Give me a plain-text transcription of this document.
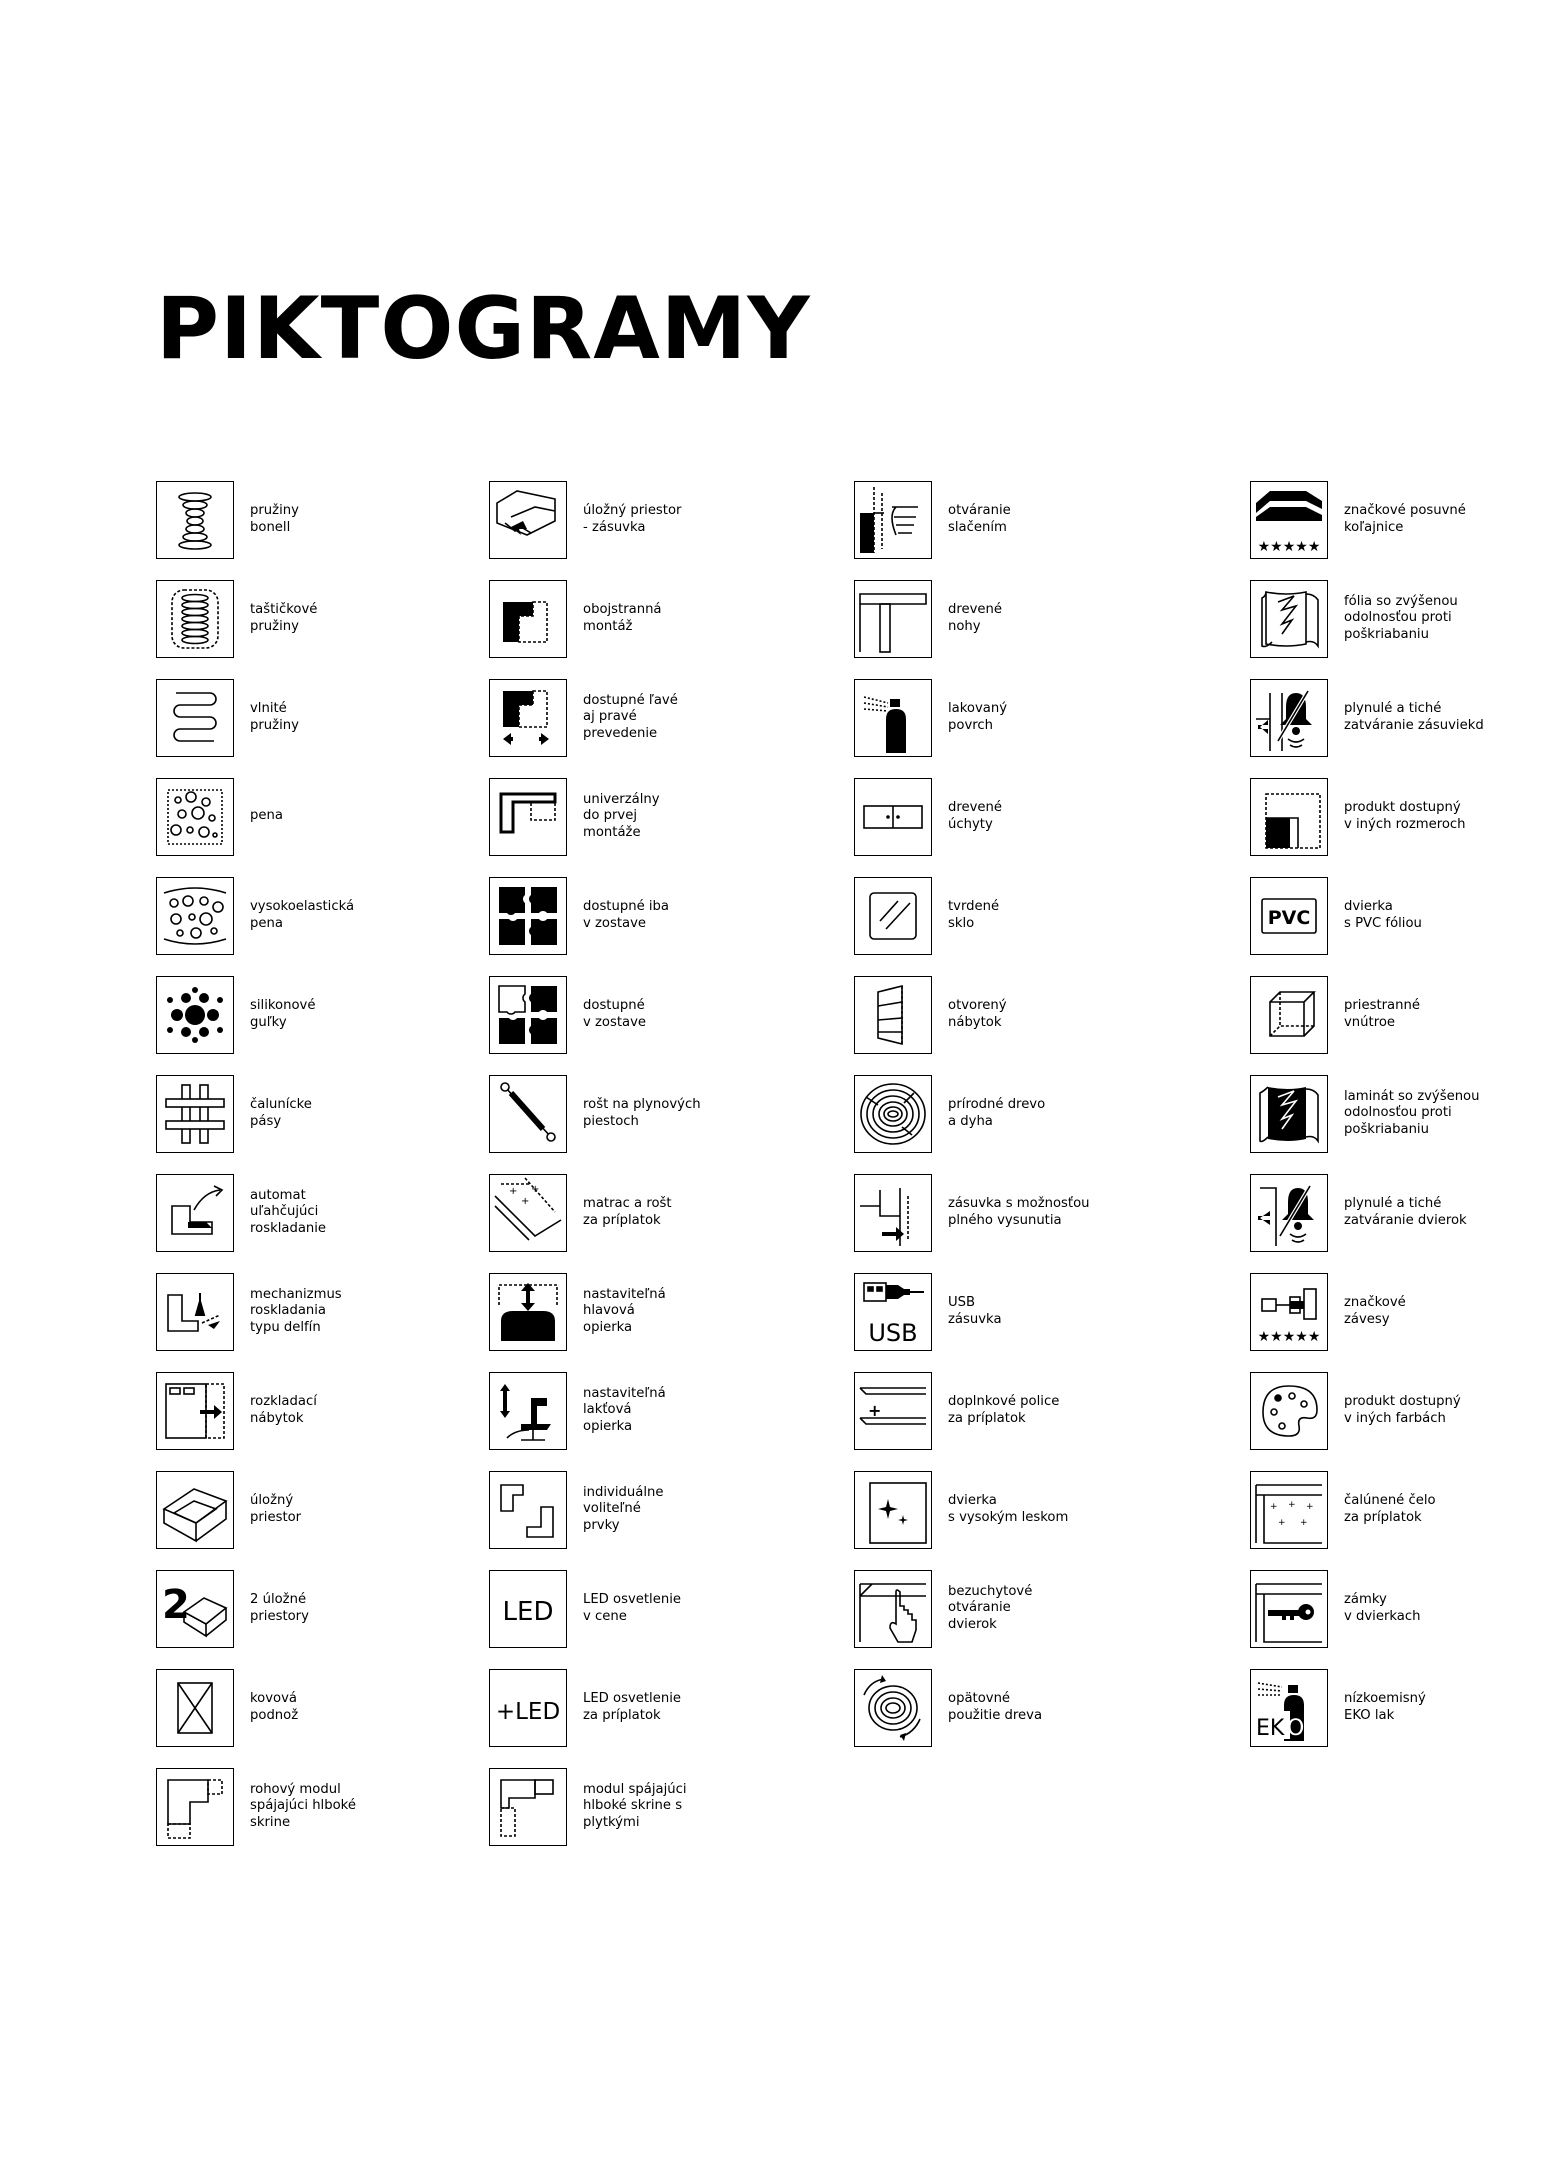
PIKTOGRAMY
pružiny
bonell
taštičkové
pružiny
vlnité
pružiny
pena
vysokoelastická
pena
silikonové
guľky
čalunícke
pásy
automat
uľahčujúci
roskladanie
mechanizmus
roskladania
typu delfín
rozkladací
nábytok
úložný
priestor
2	2 úložné
priestory
kovová
podnož
rohový modul
spájajúci hlboké
skrine
úložný priestor
- zásuvka
obojstranná
montáž
dostupné ľavé
aj pravé
prevedenie
univerzálny
do prvej
montáže
dostupné iba
v zostave
dostupné
v zostave
rošt na plynových
piestoch
+ +
+	matrac a rošt
za príplatok
nastaviteľná
hlavová
opierka
nastaviteľná
lakťová
opierka
individuálne
voliteľné
prvky
LED LED osvetlenie
v cene
+LED LED osvetlenie
za príplatok
modul spájajúci
hlboké skrine s
plytkými
otváranie
slačením
drevené
nohy
lakovaný
povrch
drevené
úchyty
tvrdené
sklo
otvorený
nábytok
prírodné drevo
a dyha
zásuvka s možnosťou
plného vysunutia
USB
USB
zásuvka
+	doplnkové police
za príplatok
dvierka
s vysokým leskom
bezuchytové
otváranie
dvierok
opätovné
použitie dreva
★★★★★
značkové posuvné
koľajnice
fólia so zvýšenou
odolnosťou proti
poškriabaniu
plynulé a tiché
zatváranie zásuviekd
produkt dostupný
v iných rozmeroch
PVC	dvierka
s PVC fóliou
priestranné
vnútroe
laminát so zvýšenou
odolnosťou proti
poškriabaniu
plynulé a tiché
zatváranie dvierok
★★★★★
značkové
závesy
produkt dostupný
v iných farbách
+ + +
+ +
čalúnené čelo
za príplatok
zámky
v dvierkach
EK O
nízkoemisný
EKO lak
